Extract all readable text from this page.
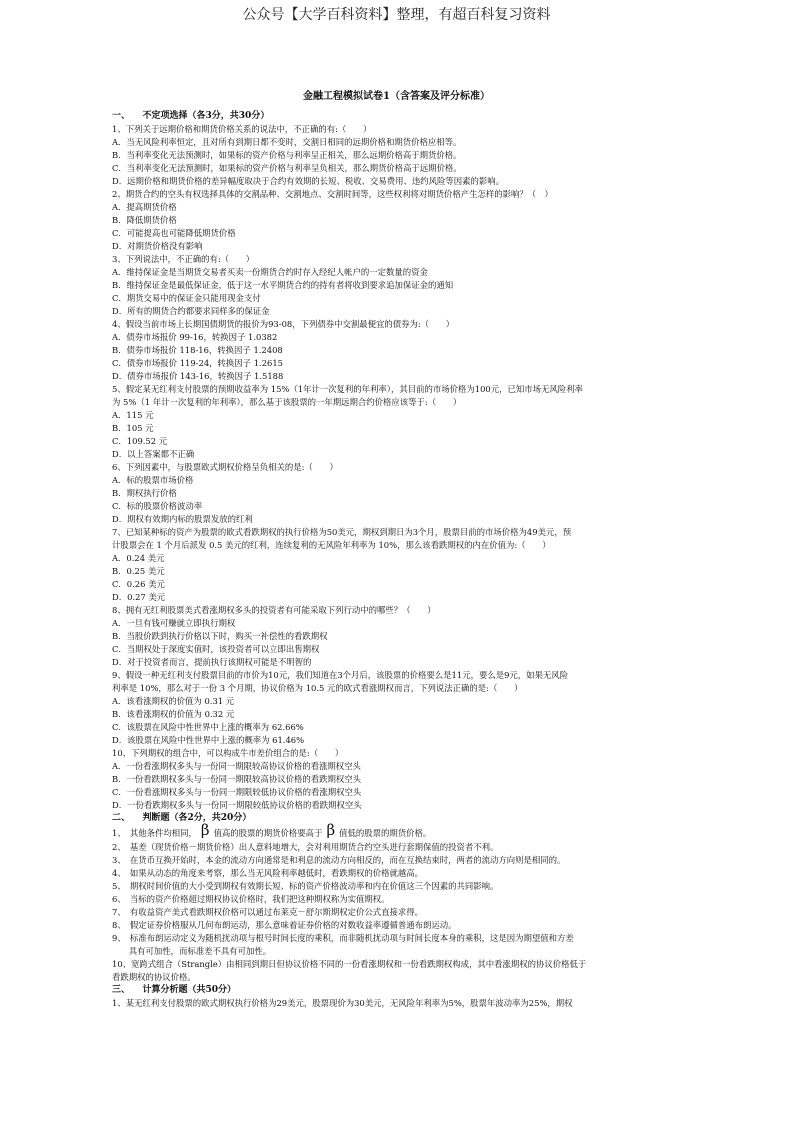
公众号【大学百科资料】整理，有超百科复习资料
金融工程模拟试卷1（含答案及评分标准）
一、    不定项选择（各3分，共30分）
1、下列关于远期价格和期货价格关系的说法中，不正确的有:（　　）
A．当无风险利率恒定，且对所有到期日都不变时，交割日相同的远期价格和期货价格应相等。
B．当利率变化无法预测时，如果标的资产价格与利率呈正相关，那么远期价格高于期货价格。
C．当利率变化无法预测时，如果标的资产价格与利率呈负相关，那么期货价格高于远期价格。
D．远期价格和期货价格的差异幅度取决于合约有效期的长短、税收、交易费用、违约风险等因素的影响。
2、期货合约的空头有权选择具体的交割品种、交割地点、交割时间等，这些权利将对期货价格产生怎样的影响？（　）
A．提高期货价格
B．降低期货价格
C．可能提高也可能降低期货价格
D．对期货价格没有影响
3、下列说法中，不正确的有:（　　）
A．维持保证金是当期货交易者买卖一份期货合约时存入经纪人帐户的一定数量的资金
B．维持保证金是最低保证金，低于这一水平期货合约的持有者将收到要求追加保证金的通知
C．期货交易中的保证金只能用现金支付
D．所有的期货合约都要求同样多的保证金
4、假设当前市场上长期国债期货的报价为93-08，下列债券中交割最便宜的债券为:（　　）
A．债券市场报价 99-16，转换因子 1.0382
B．债券市场报价 118-16，转换因子 1.2408
C．债券市场报价 119-24，转换因子 1.2615
D．债券市场报价 143-16，转换因子 1.5188
5、假定某无红利支付股票的预期收益率为 15%（1年计一次复利的年利率），其目前的市场价格为100元，已知市场无风险利率
为 5%（1 年计一次复利的年利率），那么基于该股票的一年期远期合约价格应该等于:（　　）
A．115 元
B．105 元
C．109.52 元
D．以上答案都不正确
6、下列因素中，与股票欧式期权价格呈负相关的是:（　　）
A．标的股票市场价格
B．期权执行价格
C．标的股票价格波动率
D．期权有效期内标的股票发放的红利
7、已知某种标的资产为股票的欧式看跌期权的执行价格为50美元，期权到期日为3个月，股票目前的市场价格为49美元，预
计股票会在 1 个月后派发 0.5 美元的红利，连续复利的无风险年利率为 10%，那么该看跌期权的内在价值为:（　　）
A．0.24 美元
B．0.25 美元
C．0.26 美元
D．0.27 美元
8、拥有无红利股票美式看涨期权多头的投资者有可能采取下列行动中的哪些？（　　）
A．一旦有钱可赚就立即执行期权
B．当股价跌到执行价格以下时，购买一补偿性的看跌期权
C．当期权处于深度实值时，该投资者可以立即出售期权
D．对于投资者而言，提前执行该期权可能是不明智的
9、假设一种无红利支付股票目前的市价为10元，我们知道在3个月后，该股票的价格要么是11元，要么是9元，如果无风险
利率是 10%，那么对于一份 3 个月期，协议价格为 10.5 元的欧式看涨期权而言，下列说法正确的是:（　　）
A．该看涨期权的价值为 0.31 元
B．该看涨期权的价值为 0.32 元
C．该股票在风险中性世界中上涨的概率为 62.66%
D．该股票在风险中性世界中上涨的概率为 61.46%
10、下列期权的组合中，可以构成牛市差价组合的是:（　　）
A．一份看涨期权多头与一份同一期限较高协议价格的看涨期权空头
B．一份看跌期权多头与一份同一期限较高协议价格的看跌期权空头
C．一份看涨期权多头与一份同一期限较低协议价格的看涨期权空头
D．一份看跌期权多头与一份同一期限较低协议价格的看跌期权空头
二、    判断题（各2分，共20分）
1、　其他条件均相同， β 值高的股票的期货价格要高于 β 值低的股票的期货价格。
2、　基差（现货价格－期货价格）出人意料地增大，会对利用期货合约空头进行套期保值的投资者不利。
3、　在货币互换开始时，本金的流动方向通常是和利息的流动方向相反的，而在互换结束时，两者的流动方向则是相同的。
4、　如果从动态的角度来考察，那么当无风险利率越低时，看跌期权的价格就越高。
5、　期权时间价值的大小受到期权有效期长短、标的资产价格波动率和内在价值这三个因素的共同影响。
6、　当标的资产价格超过期权协议价格时，我们把这种期权称为实值期权。
7、　有收益资产美式看跌期权价格可以通过布莱克－舒尔斯期权定价公式直接求得。
8、　假定证券价格服从几何布朗运动，那么意味着证券价格的对数收益率遵循普通布朗运动。
9、　标准布朗运动定义为随机扰动项与根号时间长度的乘积，而非随机扰动项与时间长度本身的乘积，这是因为期望值和方差
　　具有可加性，而标准差不具有可加性。
10、宽跨式组合（Strangle）由相同到期日但协议价格不同的一份看涨期权和一份看跌期权构成，其中看涨期权的协议价格低于
看跌期权的协议价格。
三、    计算分析题（共50分）
1、某无红利支付股票的欧式期权执行价格为29美元，股票现价为30美元，无风险年利率为5%，股票年波动率为25%，期权
